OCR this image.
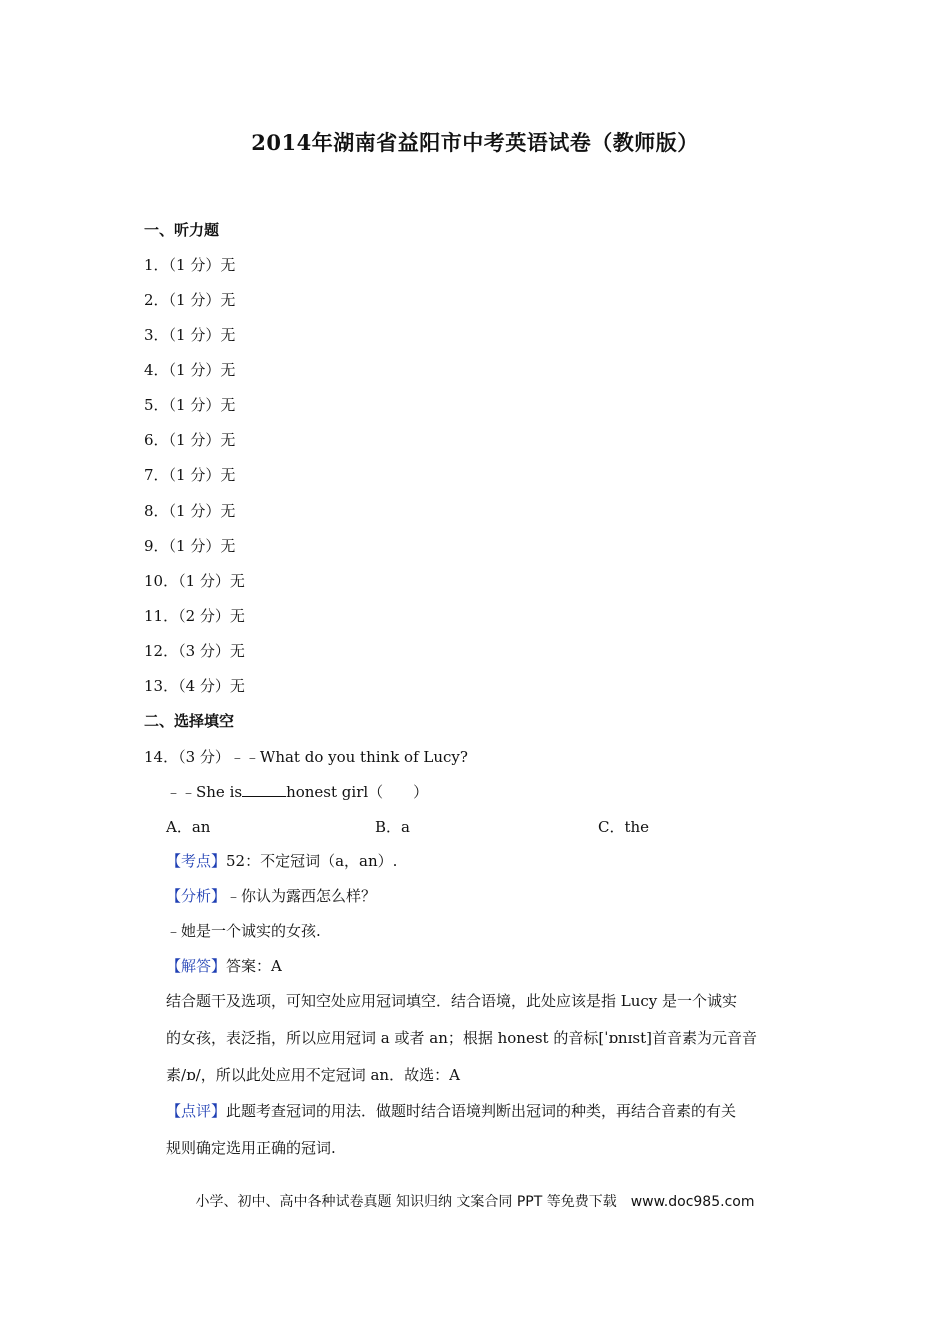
2014年湖南省益阳市中考英语试卷（教师版）
一、听力题
1．（1 分）无
2．（1 分）无
3．（1 分）无
4．（1 分）无
5．（1 分）无
6．（1 分）无
7．（1 分）无
8．（1 分）无
9．（1 分）无
10．（1 分）无
11．（2 分）无
12．（3 分）无
13．（4 分）无
二、选择填空
14．（3 分）﹣﹣What do you think of Lucy?
﹣﹣She is	honest girl（　　）
A．an	B．a	C．the
【考点】52：不定冠词（a，an）.
【分析】﹣你认为露西怎么样？
﹣她是一个诚实的女孩.
【解答】答案：A
结合题干及选项，可知空处应用冠词填空．结合语境，此处应该是指 Lucy 是一个诚实
的女孩，表泛指，所以应用冠词 a 或者 an；根据 honest 的音标[ˈɒnɪst]首音素为元音音
素/ɒ/，所以此处应用不定冠词 an．故选：A
【点评】此题考查冠词的用法．做题时结合语境判断出冠词的种类，再结合音素的有关
规则确定选用正确的冠词.
小学、初中、高中各种试卷真题 知识归纳 文案合同 PPT 等免费下载　www.doc985.com
